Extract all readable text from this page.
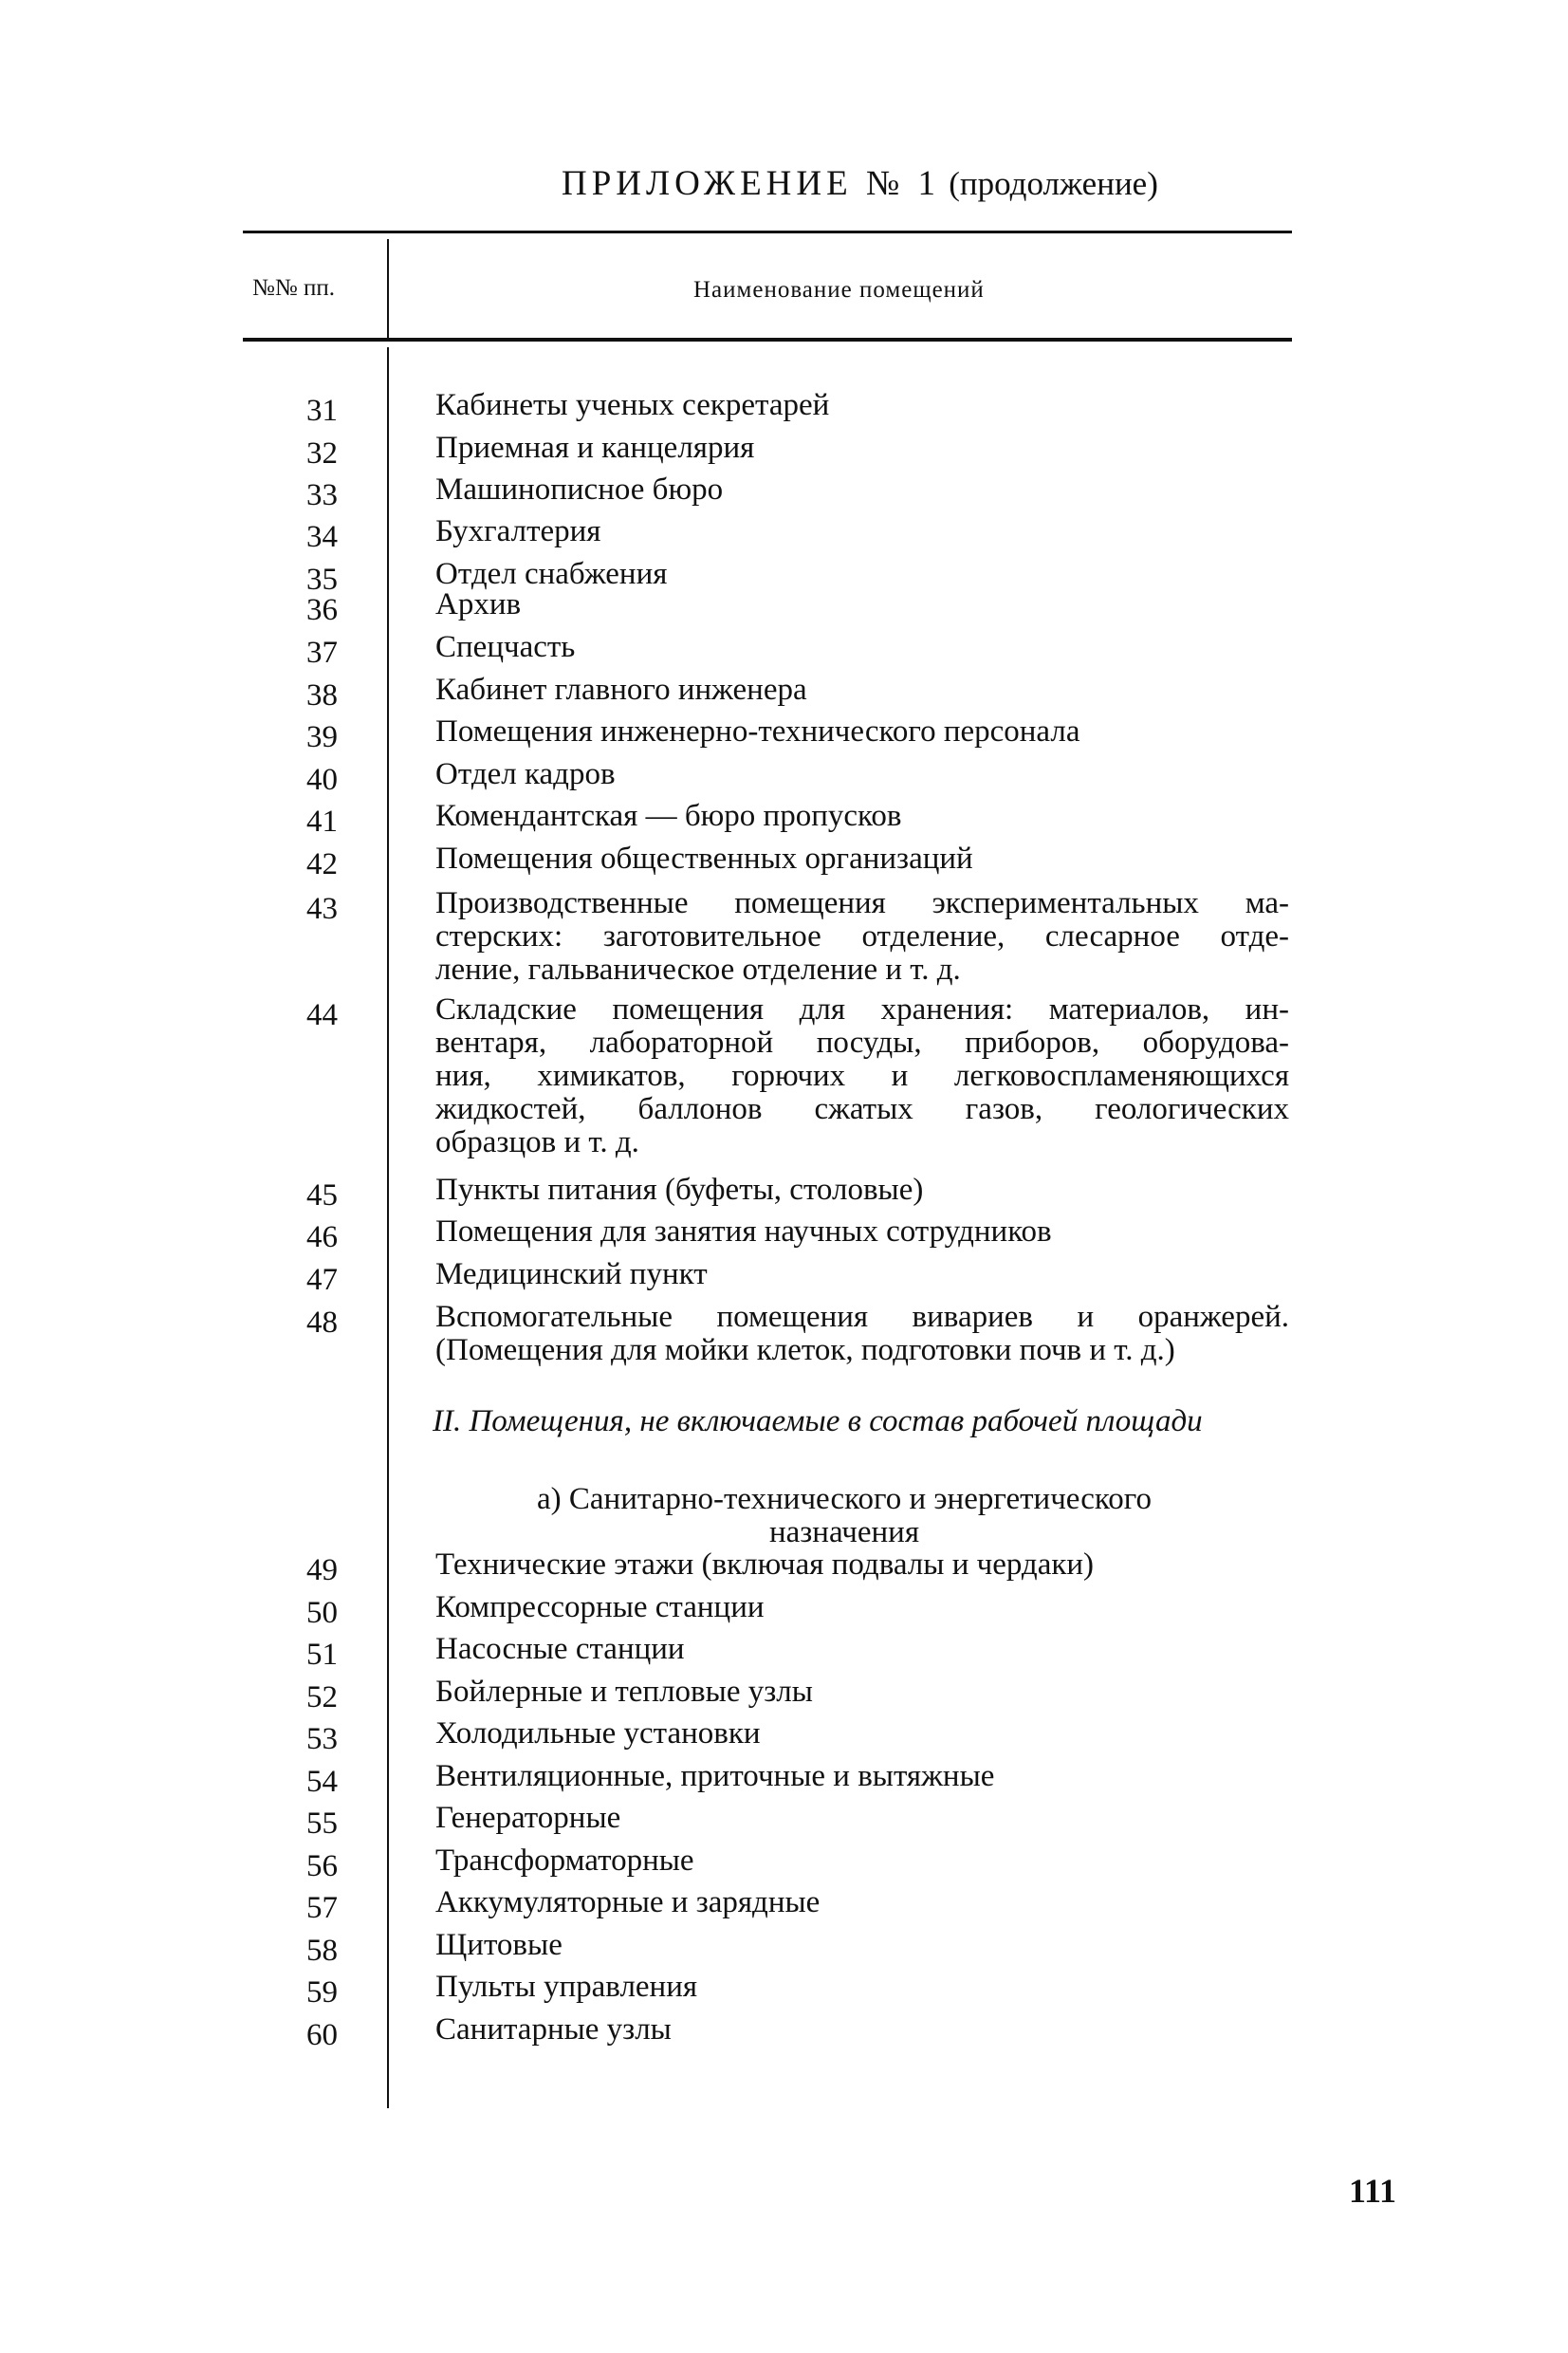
ПРИЛОЖЕНИЕ № 1 (продолжение)
№№ пп.	Наименование помещений
31	Кабинеты ученых секретарей
32	Приемная и канцелярия
33	Машинописное бюро
34	Бухгалтерия
35	Отдел снабжения
36	Архив
37	Спецчасть
38	Кабинет главного инженера
39	Помещения инженерно-технического персонала
40	Отдел кадров
41	Комендантская — бюро пропусков
42	Помещения общественных организаций
43	Производственные помещения экспериментальных ма-
стерских: заготовительное отделение, слесарное отде-
ление, гальваническое отделение и т. д.
44	Складские помещения для хранения: материалов, ин-
вентаря, лабораторной посуды, приборов, оборудова-
ния, химикатов, горючих и легковоспламеняющихся
жидкостей, баллонов сжатых газов, геологических
образцов и т. д.
45	Пункты питания (буфеты, столовые)
46	Помещения для занятия научных сотрудников
47	Медицинский пункт
48	Вспомогательные помещения вивариев и оранжерей.
(Помещения для мойки клеток, подготовки почв и т. д.)
II. Помещения, не включаемые в состав рабочей площади
а) Санитарно-технического и энергетического
назначения
49	Технические этажи (включая подвалы и чердаки)
50	Компрессорные станции
51	Насосные станции
52	Бойлерные и тепловые узлы
53	Холодильные установки
54	Вентиляционные, приточные и вытяжные
55	Генераторные
56	Трансформаторные
57	Аккумуляторные и зарядные
58	Щитовые
59	Пульты управления
60	Санитарные узлы
111
